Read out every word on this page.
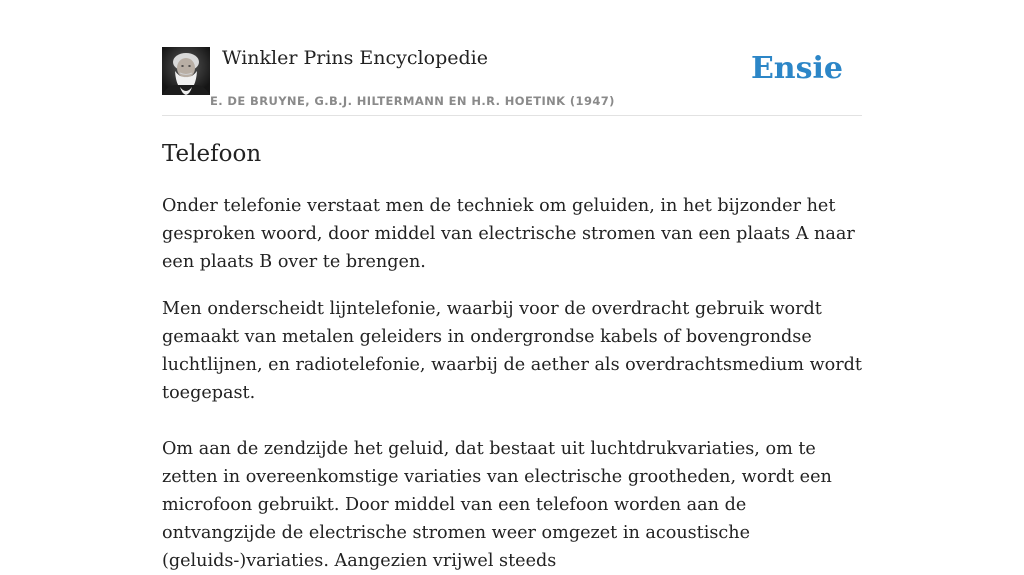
Winkler Prins Encyclopedie
E. DE BRUYNE, G.B.J. HILTERMANN EN H.R. HOETINK (1947)
Ensie
Telefoon

Onder telefonie verstaat men de techniek om geluiden, in het bijzonder het gesproken woord, door middel van electrische stromen van een plaats A naar een plaats B over te brengen.

Men onderscheidt lijntelefonie, waarbij voor de overdracht gebruik wordt gemaakt van metalen geleiders in ondergrondse kabels of bovengrondse luchtlijnen, en radiotelefonie, waarbij de aether als overdrachtsmedium wordt toegepast.

Om aan de zendzijde het geluid, dat bestaat uit luchtdrukvariaties, om te zetten in overeenkomstige variaties van electrische grootheden, wordt een microfoon gebruikt. Door middel van een telefoon worden aan de ontvangzijde de electrische stromen weer omgezet in acoustische (geluids-)variaties. Aangezien vrijwel steeds
